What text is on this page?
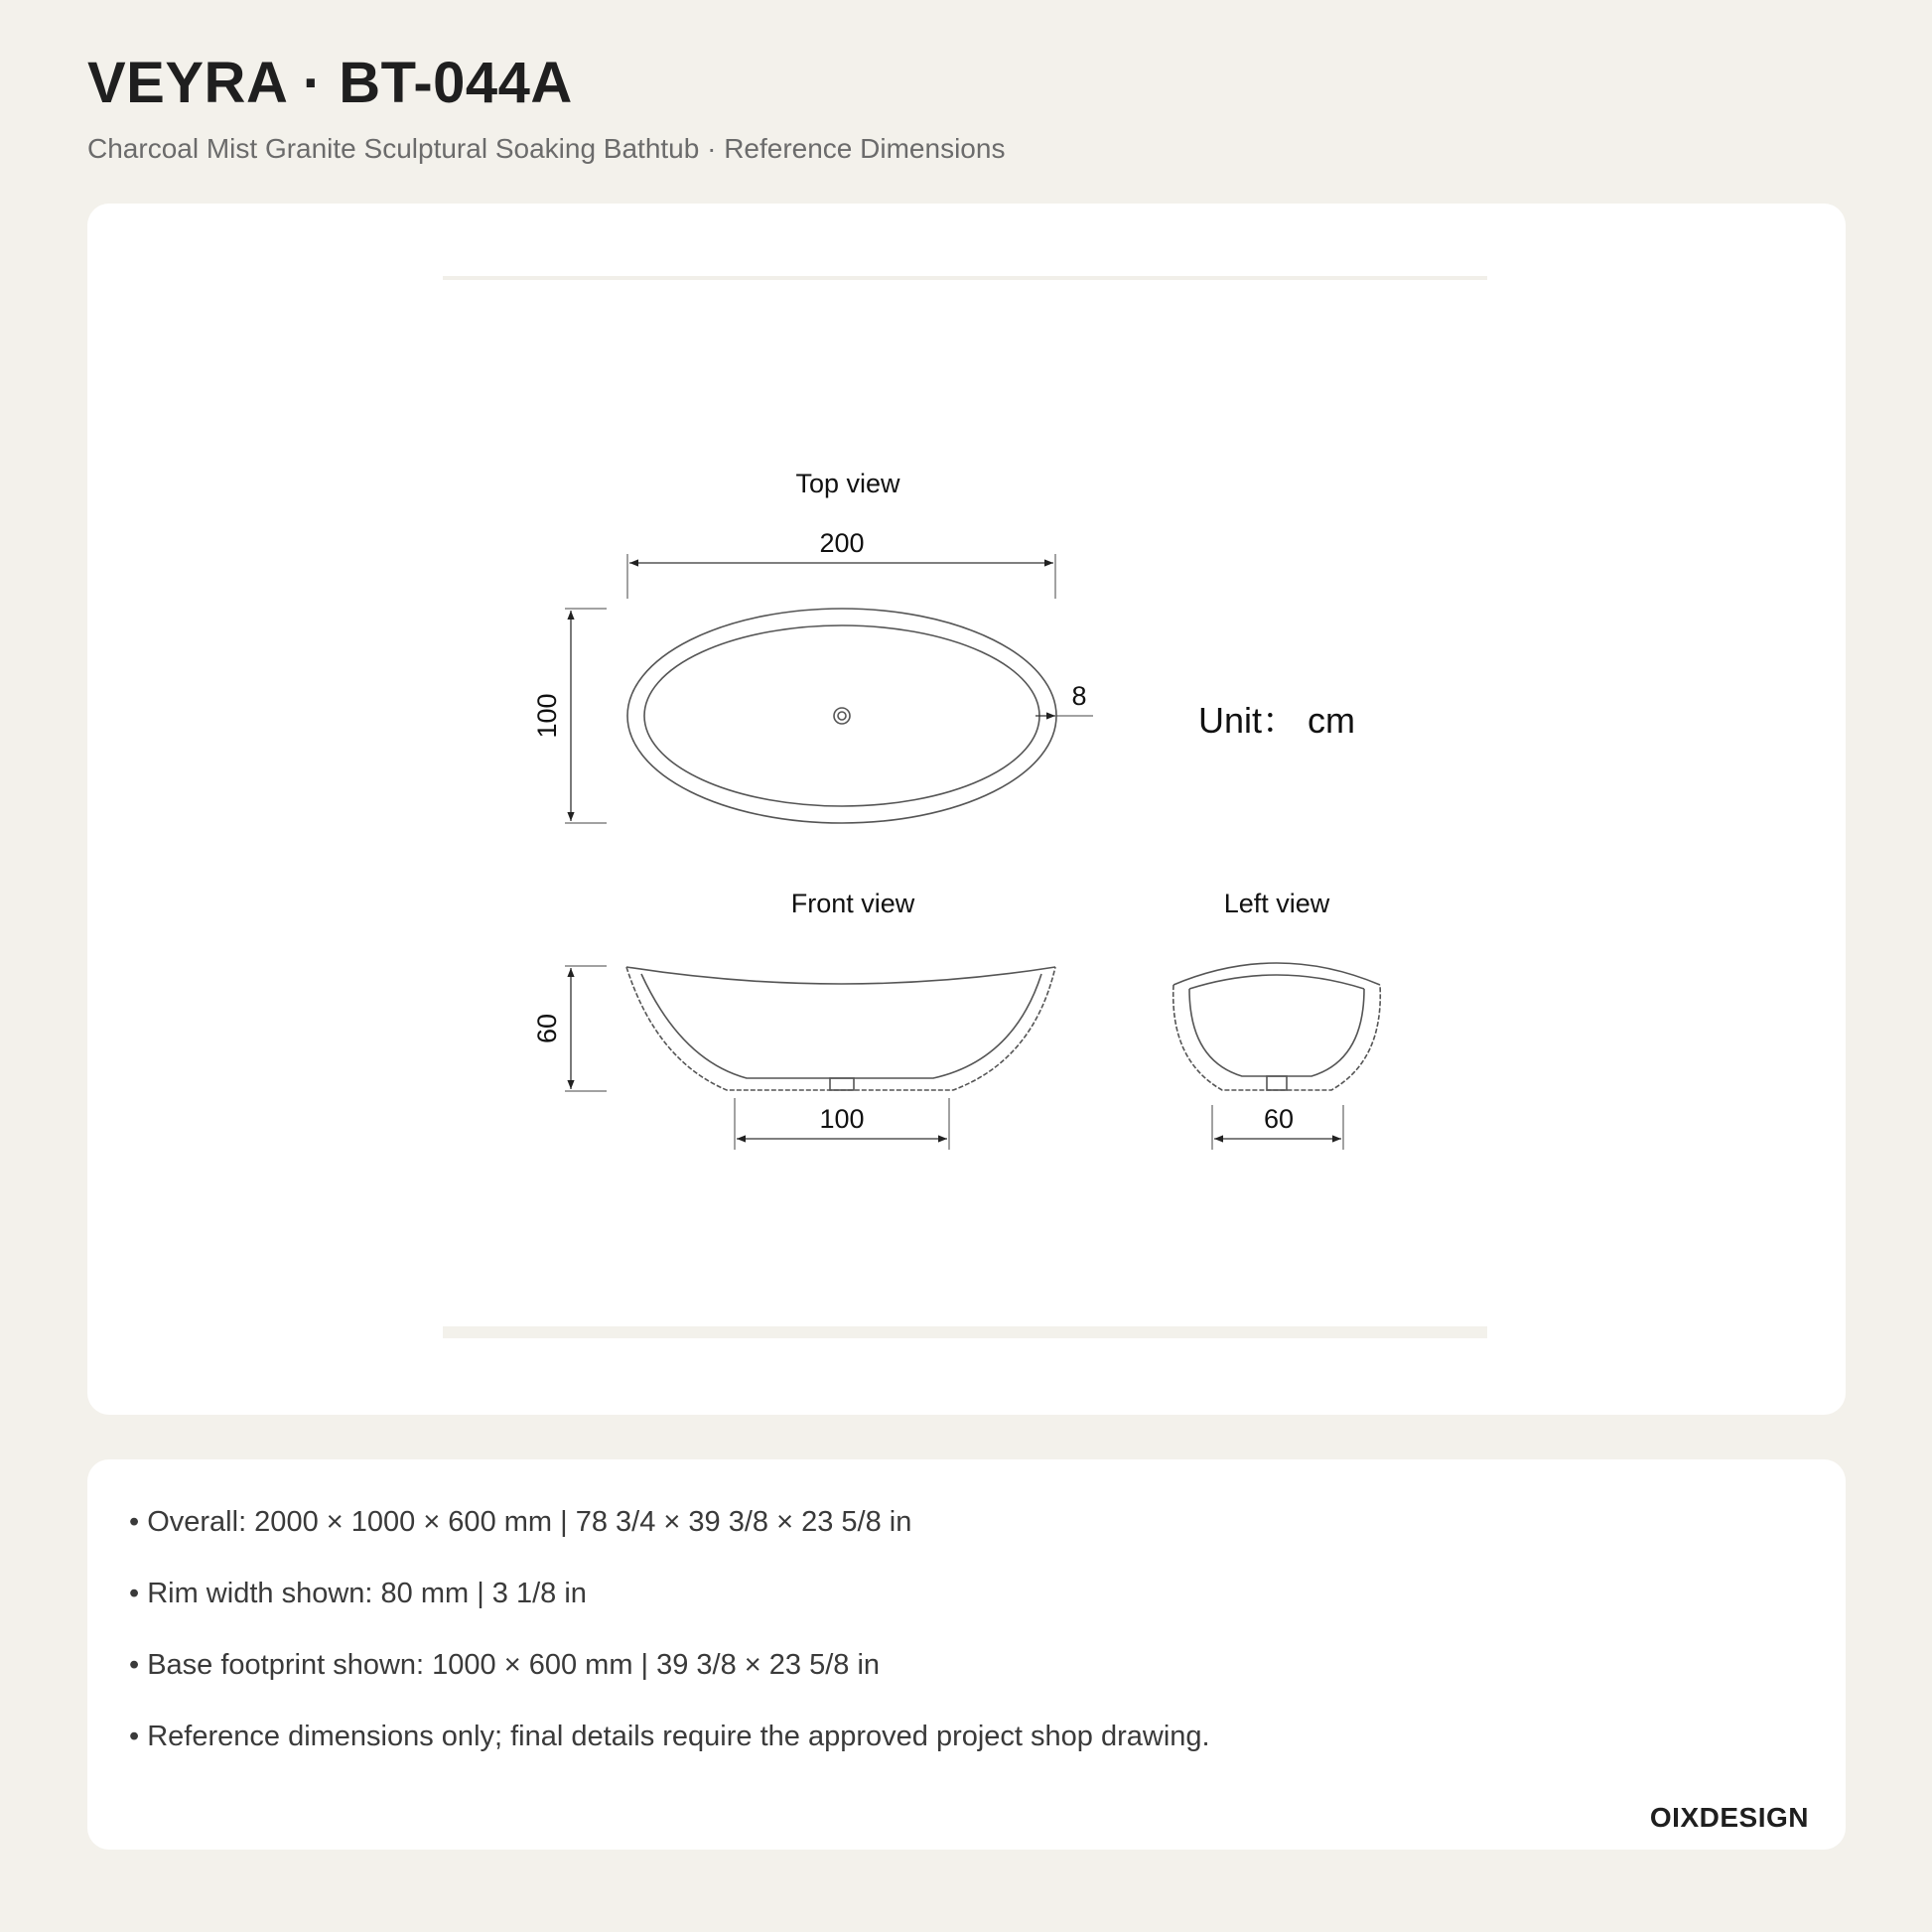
VEYRA · BT-044A

Charcoal Mist Granite Sculptural Soaking Bathtub · Reference Dimensions

Top view
200
100	8
Unit： cm
Front view
60
100
Left view
60
• Overall: 2000 × 1000 × 600 mm | 78 3/4 × 39 3/8 × 23 5/8 in
• Rim width shown: 80 mm | 3 1/8 in
• Base footprint shown: 1000 × 600 mm | 39 3/8 × 23 5/8 in
• Reference dimensions only; final details require the approved project shop drawing.
OIXDESIGN
